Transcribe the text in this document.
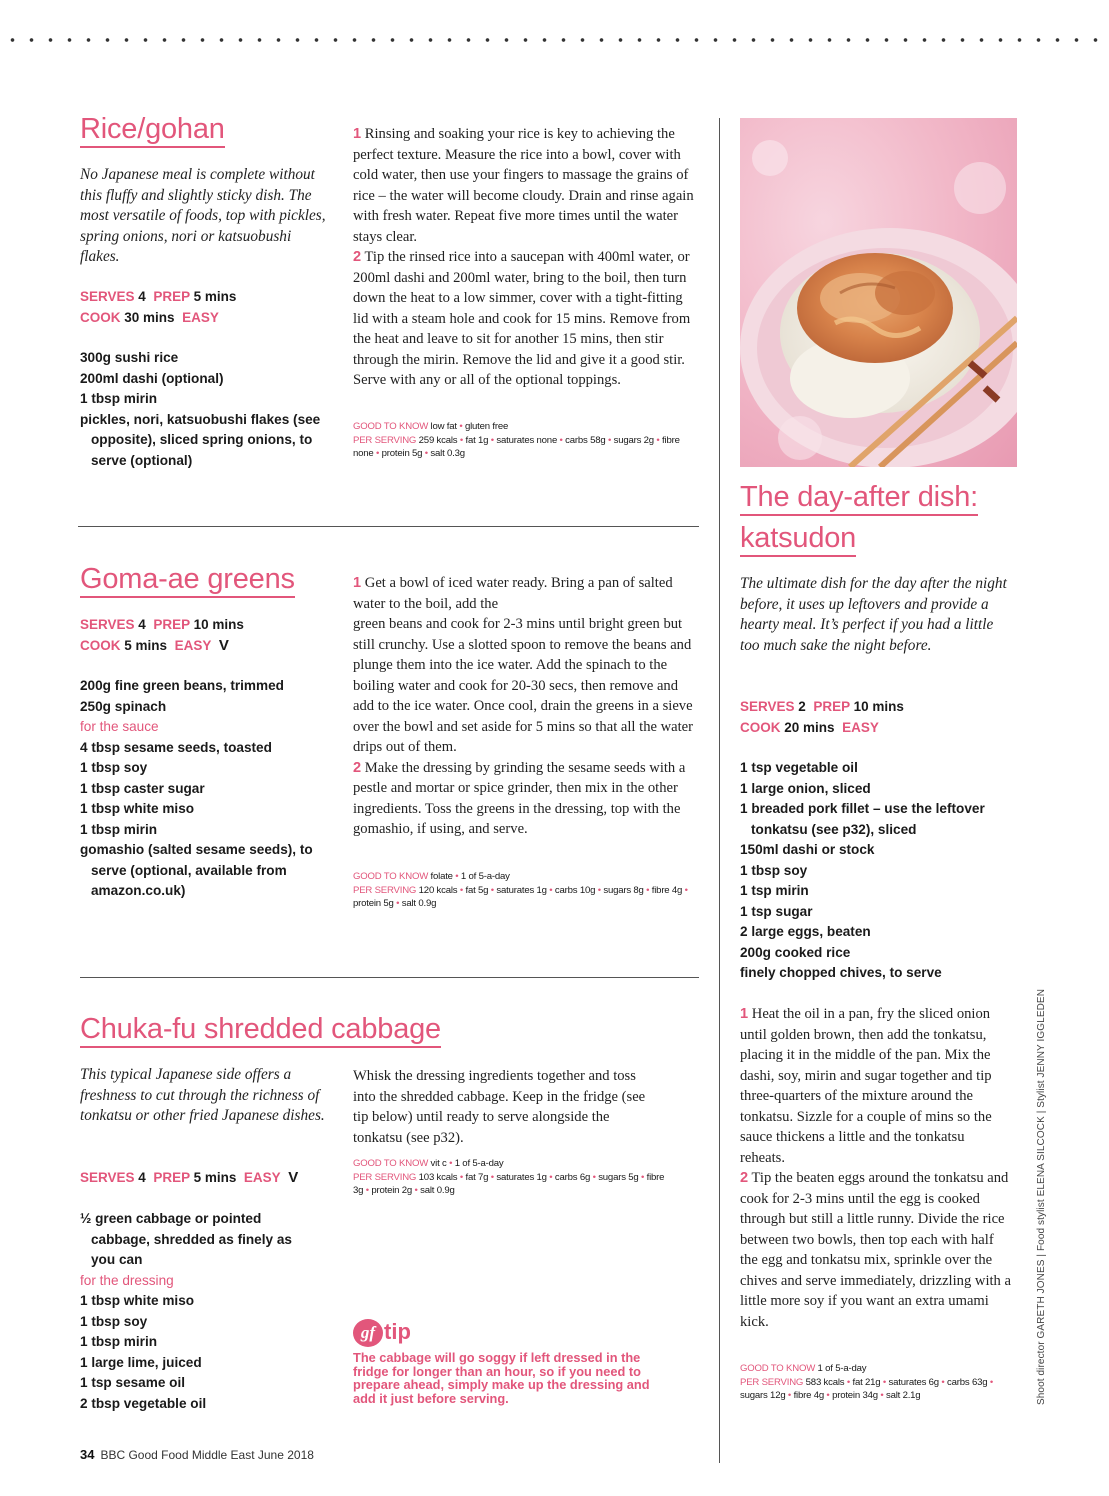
Rice/gohan
No Japanese meal is complete without this fluffy and slightly sticky dish. The most versatile of foods, top with pickles, spring onions, nori or katsuobushi flakes.
SERVES 4 PREP 5 mins
COOK 30 mins EASY
300g sushi rice
200ml dashi (optional)
1 tbsp mirin
pickles, nori, katsuobushi flakes (see opposite), sliced spring onions, to serve (optional)
1 Rinsing and soaking your rice is key to achieving the perfect texture. Measure the rice into a bowl, cover with cold water, then use your fingers to massage the grains of rice – the water will become cloudy. Drain and rinse again with fresh water. Repeat five more times until the water stays clear.
2 Tip the rinsed rice into a saucepan with 400ml water, or 200ml dashi and 200ml water, bring to the boil, then turn down the heat to a low simmer, cover with a tight-fitting lid with a steam hole and cook for 15 mins. Remove from the heat and leave to sit for another 15 mins, then stir through the mirin. Remove the lid and give it a good stir. Serve with any or all of the optional toppings.
GOOD TO KNOW low fat • gluten free
PER SERVING 259 kcals • fat 1g • saturates none • carbs 58g • sugars 2g • fibre none • protein 5g • salt 0.3g
Goma-ae greens
SERVES 4 PREP 10 mins
COOK 5 mins EASY V
200g fine green beans, trimmed
250g spinach
for the sauce
4 tbsp sesame seeds, toasted
1 tbsp soy
1 tbsp caster sugar
1 tbsp white miso
1 tbsp mirin
gomashio (salted sesame seeds), to serve (optional, available from amazon.co.uk)
1 Get a bowl of iced water ready. Bring a pan of salted water to the boil, add the
green beans and cook for 2-3 mins until bright green but still crunchy. Use a slotted spoon to remove the beans and plunge them into the ice water. Add the spinach to the boiling water and cook for 20-30 secs, then remove and add to the ice water. Once cool, drain the greens in a sieve over the bowl and set aside for 5 mins so that all the water drips out of them.
2 Make the dressing by grinding the sesame seeds with a pestle and mortar or spice grinder, then mix in the other ingredients. Toss the greens in the dressing, top with the gomashio, if using, and serve.
GOOD TO KNOW folate • 1 of 5-a-day
PER SERVING 120 kcals • fat 5g • saturates 1g • carbs 10g • sugars 8g • fibre 4g • protein 5g • salt 0.9g
Chuka-fu shredded cabbage
This typical Japanese side offers a freshness to cut through the richness of tonkatsu or other fried Japanese dishes.
SERVES 4 PREP 5 mins EASY V
½ green cabbage or pointed cabbage, shredded as finely as you can
for the dressing
1 tbsp white miso
1 tbsp soy
1 tbsp mirin
1 large lime, juiced
1 tsp sesame oil
2 tbsp vegetable oil
Whisk the dressing ingredients together and toss into the shredded cabbage. Keep in the fridge (see tip below) until ready to serve alongside the tonkatsu (see p32).
GOOD TO KNOW vit c • 1 of 5-a-day
PER SERVING 103 kcals • fat 7g • saturates 1g • carbs 6g • sugars 5g • fibre 3g • protein 2g • salt 0.9g
gf tip
The cabbage will go soggy if left dressed in the fridge for longer than an hour, so if you need to prepare ahead, simply make up the dressing and add it just before serving.
The day-after dish:
katsudon
The ultimate dish for the day after the night before, it uses up leftovers and provide a hearty meal. It’s perfect if you had a little too much sake the night before.
SERVES 2 PREP 10 mins
COOK 20 mins EASY
1 tsp vegetable oil
1 large onion, sliced
1 breaded pork fillet – use the leftover tonkatsu (see p32), sliced
150ml dashi or stock
1 tbsp soy
1 tsp mirin
1 tsp sugar
2 large eggs, beaten
200g cooked rice
finely chopped chives, to serve
1 Heat the oil in a pan, fry the sliced onion until golden brown, then add the tonkatsu, placing it in the middle of the pan. Mix the dashi, soy, mirin and sugar together and tip three-quarters of the mixture around the tonkatsu. Sizzle for a couple of mins so the sauce thickens a little and the tonkatsu reheats.
2 Tip the beaten eggs around the tonkatsu and cook for 2-3 mins until the egg is cooked through but still a little runny. Divide the rice between two bowls, then top each with half the egg and tonkatsu mix, sprinkle over the chives and serve immediately, drizzling with a little more soy if you want an extra umami kick.
GOOD TO KNOW 1 of 5-a-day
PER SERVING 583 kcals • fat 21g • saturates 6g • carbs 63g • sugars 12g • fibre 4g • protein 34g • salt 2.1g	Shoot director GARETH JONES | Food stylist ELENA SILCOCK | Stylist JENNY IGGLEDEN
34 BBC Good Food Middle East June 2018
